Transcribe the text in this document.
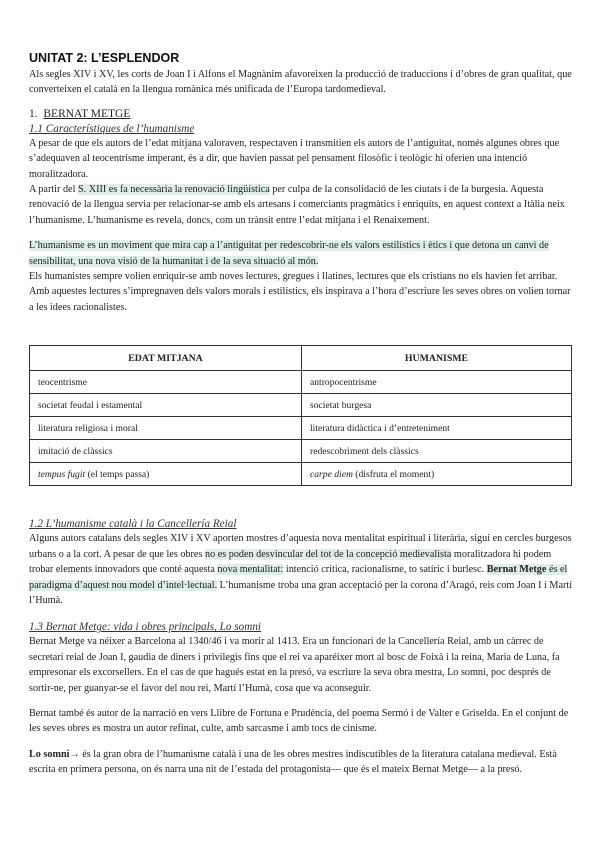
UNITAT 2: L’ESPLENDOR

Als segles XIV i XV, les corts de Joan I i Alfons el Magnànim afavoreixen la producció de traduccions i d’obres de gran qualitat, que converteixen el català en la llengua romànica més unificada de l’Europa tardomedieval.

1. BERNAT METGE

1.1 Característiques de l’humanisme

A pesar de que els autors de l’edat mitjana valoraven, respectaven i transmitien els autors de l’antiguitat, només algunes obres que s’adequaven al teocentrisme imperant, és a dir, que havien passat pel pensament filosòfic i teològic hi oferien una intenció moralitzadora.

A partir del S. XIII es fa necessària la renovació lingüística per culpa de la consolidació de les ciutats i de la burgesia. Aquesta renovació de la llengua servia per relacionar-se amb els artesans i comerciants pragmàtics i enriquits, en aquest context a Itàlia neix l’humanisme. L’humanisme es revela, doncs, com un trànsit entre l’edat mitjana i el Renaixement.

L’humanisme es un moviment que mira cap a l’antiguitat per redescobrir-ne els valors estilístics i ètics i que detona un canvi de sensibilitat, una nova visió de la humanitat i de la seva situació al món.

Els humanistes sempre volien enriquir-se amb noves lectures, gregues i llatines, lectures que els cristians no els havien fet arribar. Amb aquestes lectures s’impregnaven dels valors morals i estilístics, els inspirava a l’hora d’escriure les seves obres on volien tornar a les idees racionalistes.

EDAT MITJANA	HUMANISME
teocentrisme	antropocentrisme
societat feudal i estamental	societat burgesa
literatura religiosa i moral	literatura didàctica i d’entreteniment
imitació de clàssics	redescobriment dels clàssics
tempus fugit (el temps passa)	carpe diem (disfruta el moment)

1.2 L’humanisme català i la Cancellería Reial

Alguns autors catalans dels segles XIV i XV aporten mostres d’aquesta nova mentalitat espiritual i literària, sigui en cercles burgesos urbans o a la cort. A pesar de que les obres no es poden desvincular del tot de la concepció medievalista moralitzadora hi podem trobar elements innovadors que conté aquesta nova mentalitat: intenció crítica, racionalisme, to satíric i burlesc. Bernat Metge és el paradigma d’aquest nou model d’intel·lectual. L’humanisme troba una gran acceptació per la corona d’Aragó, reis com Joan I i Martí l’Humà.

1.3 Bernat Metge: vida i obres principals, Lo somni

Bernat Metge va néixer a Barcelona al 1340/46 i va morir al 1413. Era un funcionari de la Cancellería Reial, amb un càrrec de secretari reial de Joan I, gaudia de diners i privilegis fins que el rei va aparéixer mort al bosc de Foixà i la reina, Maria de Luna, fa empresonar els excorsellers. En el cas de que hagués estat en la presó, va escriure la seva obra mestra, Lo somni, poc després de sortir-ne, per guanyar-se el favor del nou rei, Martí l’Humà, cosa que va aconseguir.

Bernat també és autor de la narració en vers Llibre de Fortuna e Prudència, del poema Sermó i de Valter e Griselda. En el conjunt de les seves obres es mostra un autor refinat, culte, amb sarcasme i amb tocs de cinisme.

Lo somni→ és la gran obra de l’humanisme català i una de les obres mestres indiscutibles de la literatura catalana medieval. Està escrita en primera persona, on és narra una nit de l’estada del protagonista— que és el mateix Bernat Metge— a la presó.
